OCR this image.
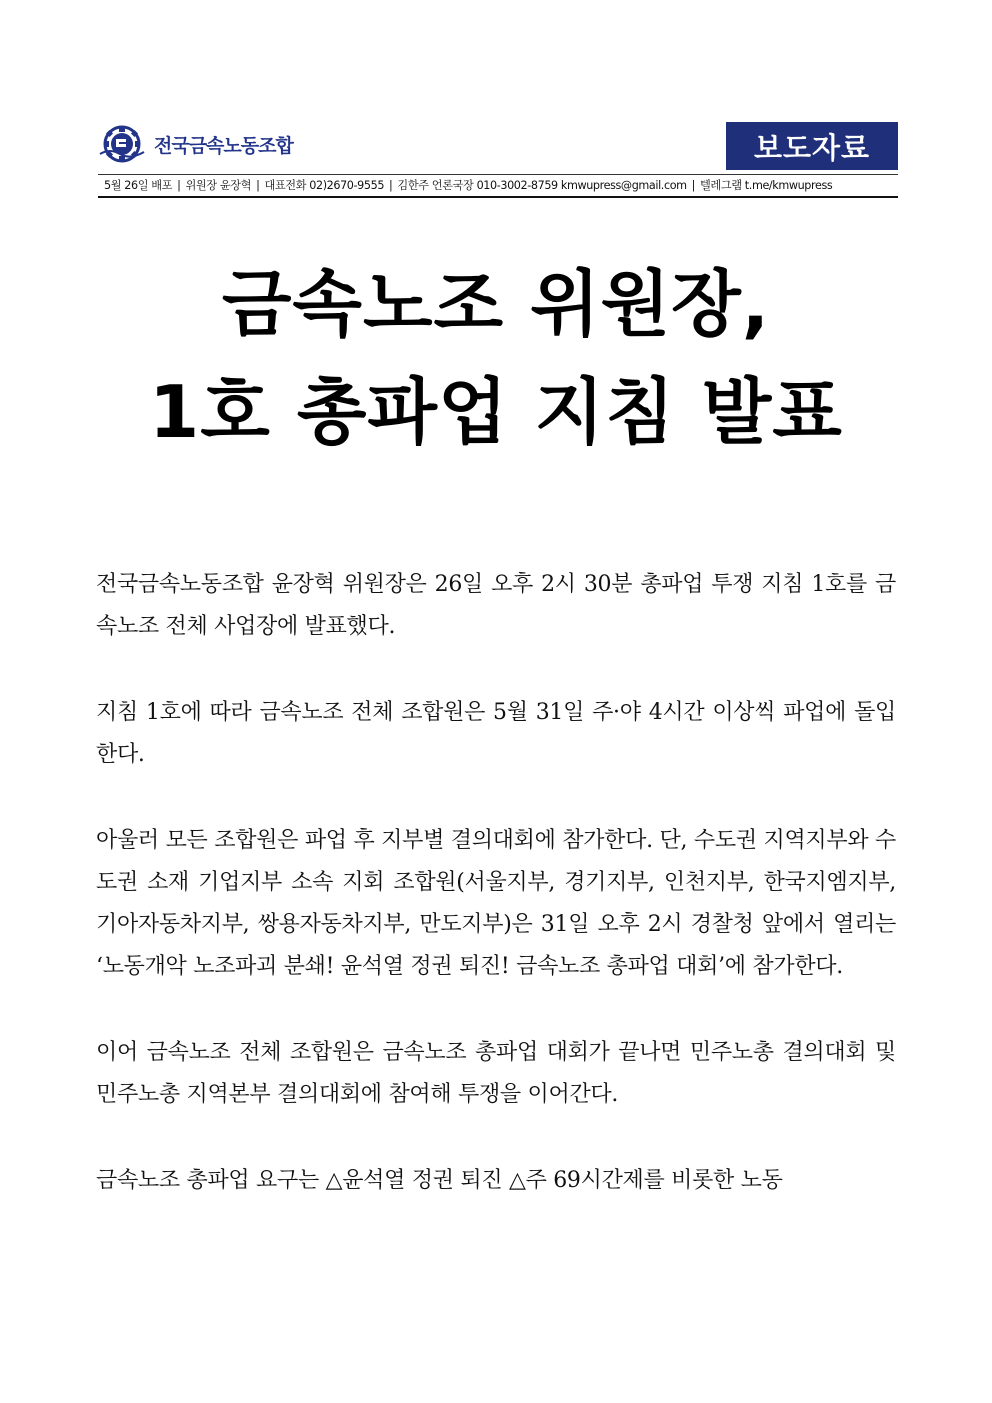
전국금속노동조합	보도자료
5월 26일 배포 | 위원장 윤장혁 | 대표전화 02)2670-9555 | 김한주 언론국장 010-3002-8759 kmwupress@gmail.com | 텔레그램 t.me/kmwupress
금속노조 위원장,
1호 총파업 지침 발표

전국금속노동조합 윤장혁 위원장은 26일 오후 2시 30분 총파업 투쟁 지침 1호를 금속노조 전체 사업장에 발표했다.

지침 1호에 따라 금속노조 전체 조합원은 5월 31일 주·야 4시간 이상씩 파업에 돌입한다.

아울러 모든 조합원은 파업 후 지부별 결의대회에 참가한다. 단, 수도권 지역지부와 수도권 소재 기업지부 소속 지회 조합원(서울지부, 경기지부, 인천지부, 한국지엠지부, 기아자동차지부, 쌍용자동차지부, 만도지부)은 31일 오후 2시 경찰청 앞에서 열리는 ‘노동개악 노조파괴 분쇄! 윤석열 정권 퇴진! 금속노조 총파업 대회’에 참가한다.

이어 금속노조 전체 조합원은 금속노조 총파업 대회가 끝나면 민주노총 결의대회 및 민주노총 지역본부 결의대회에 참여해 투쟁을 이어간다.

금속노조 총파업 요구는 △윤석열 정권 퇴진 △주 69시간제를 비롯한 노동
